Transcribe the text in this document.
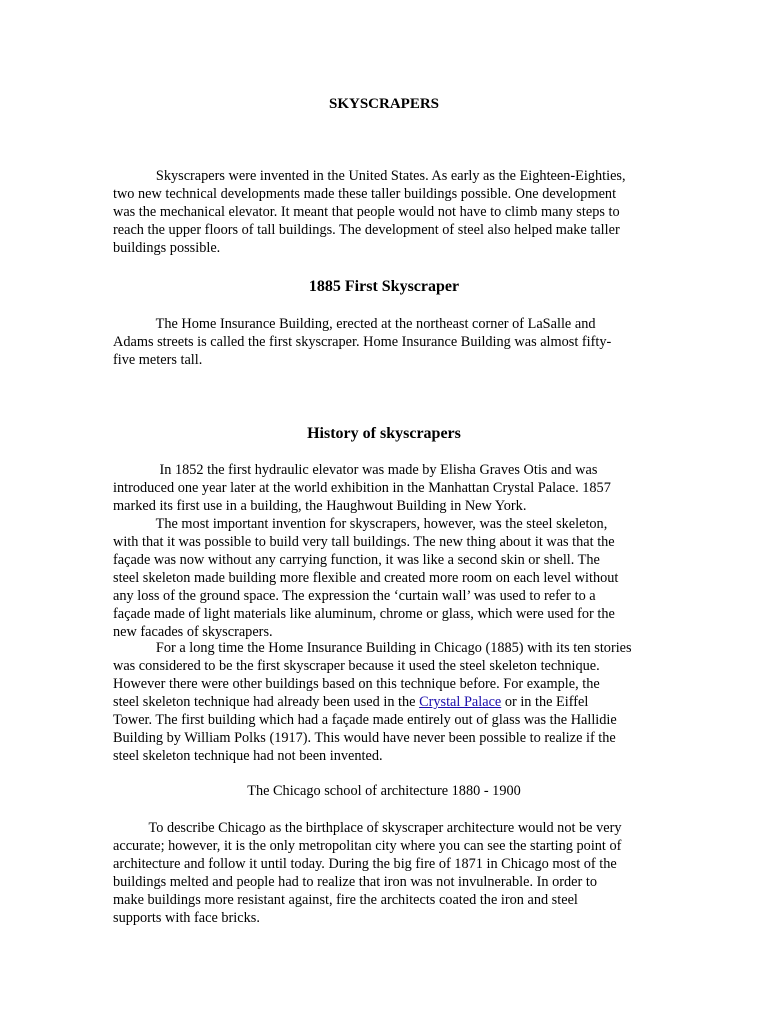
SKYSCRAPERS

Skyscrapers were invented in the United States. As early as the Eighteen-Eighties,
two new technical developments made these taller buildings possible. One development
was the mechanical elevator. It meant that people would not have to climb many steps to
reach the upper floors of tall buildings. The development of steel also helped make taller
buildings possible.

1885 First Skyscraper

The Home Insurance Building, erected at the northeast corner of LaSalle and
Adams streets is called the first skyscraper. Home Insurance Building was almost fifty-
five meters tall.

History of skyscrapers

In 1852 the first hydraulic elevator was made by Elisha Graves Otis and was
introduced one year later at the world exhibition in the Manhattan Crystal Palace. 1857
marked its first use in a building, the Haughwout Building in New York.

The most important invention for skyscrapers, however, was the steel skeleton,
with that it was possible to build very tall buildings. The new thing about it was that the
façade was now without any carrying function, it was like a second skin or shell. The
steel skeleton made building more flexible and created more room on each level without
any loss of the ground space. The expression the ‘curtain wall’ was used to refer to a
façade made of light materials like aluminum, chrome or glass, which were used for the
new facades of skyscrapers.

For a long time the Home Insurance Building in Chicago (1885) with its ten stories
was considered to be the first skyscraper because it used the steel skeleton technique.
However there were other buildings based on this technique before. For example, the
steel skeleton technique had already been used in the Crystal Palace or in the Eiffel
Tower. The first building which had a façade made entirely out of glass was the Hallidie
Building by William Polks (1917). This would have never been possible to realize if the
steel skeleton technique had not been invented.

The Chicago school of architecture 1880 - 1900

To describe Chicago as the birthplace of skyscraper architecture would not be very
accurate; however, it is the only metropolitan city where you can see the starting point of
architecture and follow it until today. During the big fire of 1871 in Chicago most of the
buildings melted and people had to realize that iron was not invulnerable. In order to
make buildings more resistant against, fire the architects coated the iron and steel
supports with face bricks.
